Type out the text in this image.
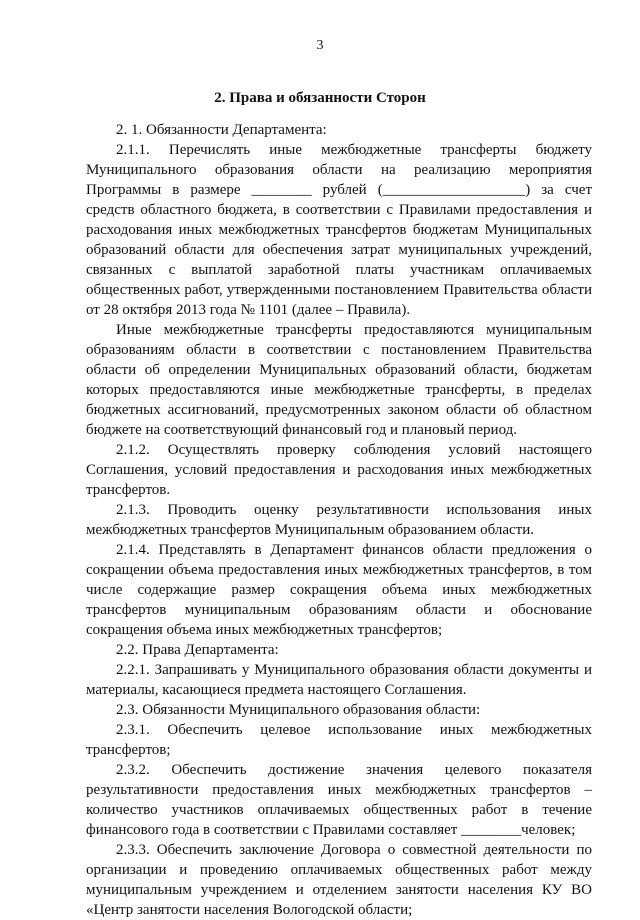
3
2. Права и обязанности Сторон

2. 1. Обязанности Департамента:

2.1.1. Перечислять иные межбюджетные трансферты бюджету Муниципального образования области на реализацию мероприятия Программы в размере ________ рублей (___________________) за счет средств областного бюджета, в соответствии с Правилами предоставления и расходования иных межбюджетных трансфертов бюджетам Муниципальных образований области для обеспечения затрат муниципальных учреждений, связанных с выплатой заработной платы участникам оплачиваемых общественных работ, утвержденными постановлением Правительства области от 28 октября 2013 года № 1101 (далее – Правила).

Иные межбюджетные трансферты предоставляются муниципальным образованиям области в соответствии с постановлением Правительства области об определении Муниципальных образований области, бюджетам которых предоставляются иные межбюджетные трансферты, в пределах бюджетных ассигнований, предусмотренных законом области об областном бюджете на соответствующий финансовый год и плановый период.

2.1.2. Осуществлять проверку соблюдения условий настоящего Соглашения, условий предоставления и расходования иных межбюджетных трансфертов.

2.1.3. Проводить оценку результативности использования иных межбюджетных трансфертов Муниципальным образованием области.

2.1.4. Представлять в Департамент финансов области предложения о сокращении объема предоставления иных межбюджетных трансфертов, в том числе содержащие размер сокращения объема иных межбюджетных трансфертов муниципальным образованиям области и обоснование сокращения объема иных межбюджетных трансфертов;

2.2. Права Департамента:

2.2.1. Запрашивать у Муниципального образования области документы и материалы, касающиеся предмета настоящего Соглашения.

2.3. Обязанности Муниципального образования области:

2.3.1. Обеспечить целевое использование иных межбюджетных трансфертов;

2.3.2. Обеспечить достижение значения целевого показателя результативности предоставления иных межбюджетных трансфертов – количество участников оплачиваемых общественных работ в течение финансового года в соответствии с Правилами составляет ________человек;

2.3.3. Обеспечить заключение Договора о совместной деятельности по организации и проведению оплачиваемых общественных работ между муниципальным учреждением и отделением занятости населения КУ ВО «Центр занятости населения Вологодской области;
